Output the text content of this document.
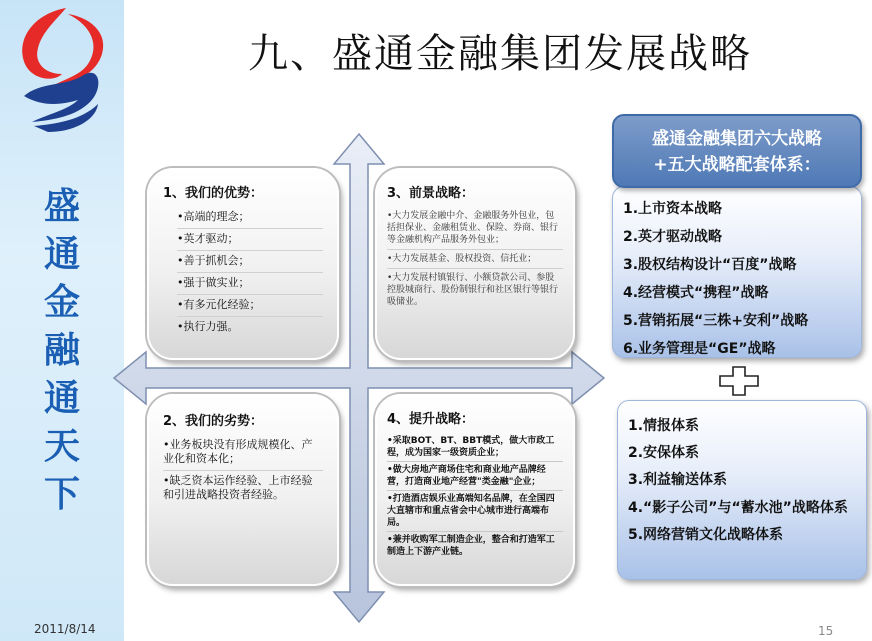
盛
通
金
融
通
天
下
2011/8/14	15
九、盛通金融集团发展战略
1、我们的优势：
•高端的理念；
•英才驱动；
•善于抓机会；
•强于做实业；
•有多元化经验；
•执行力强。
3、前景战略：
•大力发展金融中介、金融服务外包业，包括担保业、金融租赁业、保险、券商、银行等金融机构产品服务外包业；
•大力发展基金、股权投资、信托业；
•大力发展村镇银行、小额贷款公司、参股控股城商行、股份制银行和社区银行等银行吸储业。
2、我们的劣势：
•业务板块没有形成规模化、产业化和资本化；
•缺乏资本运作经验、上市经验和引进战略投资者经验。
4、提升战略：
•采取BOT、BT、BBT模式，做大市政工程，成为国家一级资质企业；
•做大房地产商场住宅和商业地产品牌经营，打造商业地产经营"类金融"企业；
•打造酒店娱乐业高端知名品牌，在全国四大直辖市和重点省会中心城市进行高端布局。
•兼并收购军工制造企业，整合和打造军工制造上下游产业链。
盛通金融集团六大战略
+五大战略配套体系：
1.上市资本战略
2.英才驱动战略
3.股权结构设计“百度”战略
4.经营模式“携程”战略
5.营销拓展“三株+安利”战略
6.业务管理是“GE”战略
1.情报体系
2.安保体系
3.利益输送体系
4.“影子公司”与“蓄水池”战略体系
5.网络营销文化战略体系
